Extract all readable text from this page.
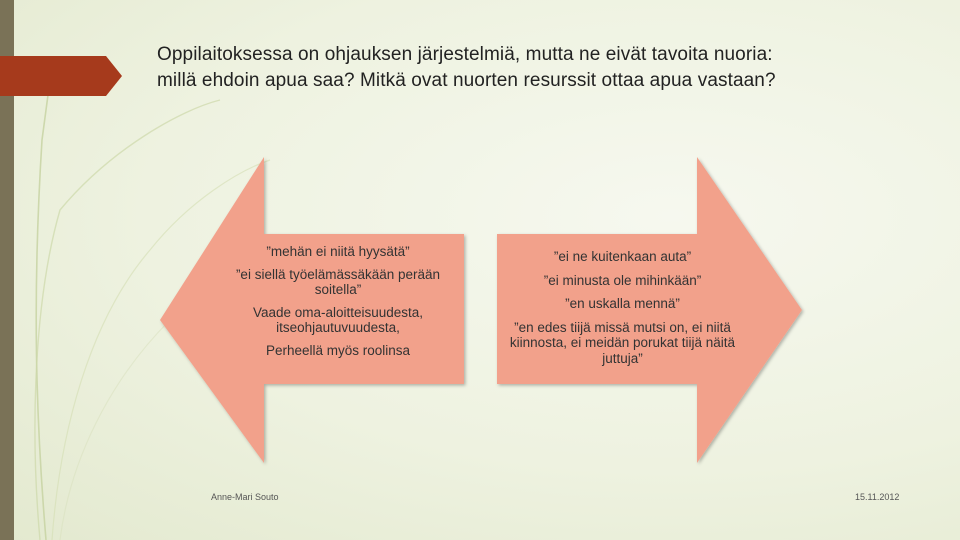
Oppilaitoksessa on ohjauksen järjestelmiä, mutta ne eivät tavoita nuoria: millä ehdoin apua saa? Mitkä ovat nuorten resurssit ottaa apua vastaan?

”mehän ei niitä hyysätä”

”ei siellä työelämässäkään perään soitella”

Vaade oma-aloitteisuudesta, itseohjautuvuudesta,

Perheellä myös roolinsa

”ei ne kuitenkaan auta”

”ei minusta ole mihinkään”

”en uskalla mennä”

”en edes tiijä missä mutsi on, ei niitä kiinnosta, ei meidän porukat tiijä näitä juttuja”

Anne-Mari Souto	15.11.2012
